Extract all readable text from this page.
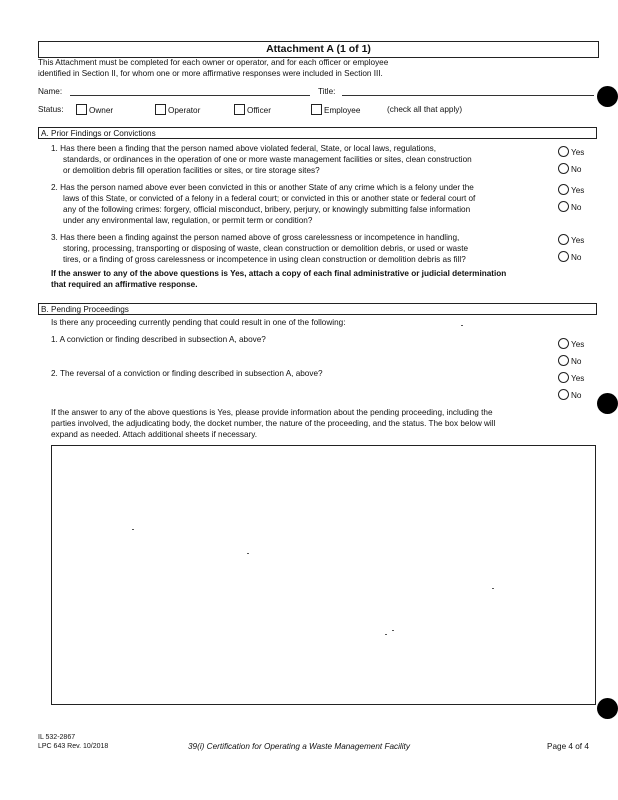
Attachment A (1 of 1)
This Attachment must be completed for each owner or operator, and for each officer or employee
identified in Section II, for whom one or more affirmative responses were included in Section III.
Name:	Title:
Status:	Owner	Operator	Officer	Employee	(check all that apply)
A. Prior Findings or Convictions
1. Has there been a finding that the person named above violated federal, State, or local laws, regulations,
standards, or ordinances in the operation of one or more waste management facilities or sites, clean construction
or demolition debris fill operation facilities or sites, or tire storage sites?
Yes
No
2. Has the person named above ever been convicted in this or another State of any crime which is a felony under the
laws of this State, or convicted of a felony in a federal court; or convicted in this or another state or federal court of
any of the following crimes: forgery, official misconduct, bribery, perjury, or knowingly submitting false information
under any environmental law, regulation, or permit term or condition?
Yes
No
3. Has there been a finding against the person named above of gross carelessness or incompetence in handling,
storing, processing, transporting or disposing of waste, clean construction or demolition debris, or used or waste
tires, or a finding of gross carelessness or incompetence in using clean construction or demolition debris as fill?
Yes
No
If the answer to any of the above questions is Yes, attach a copy of each final administrative or judicial determination
that required an affirmative response.
B. Pending Proceedings
Is there any proceeding currently pending that could result in one of the following:
1. A conviction or finding described in subsection A, above?
Yes
No
2. The reversal of a conviction or finding described in subsection A, above?
Yes
No
If the answer to any of the above questions is Yes, please provide information about the pending proceeding, including the
parties involved, the adjudicating body, the docket number, the nature of the proceeding, and the status. The box below will
expand as needed. Attach additional sheets if necessary.
IL 532-2867
LPC 643 Rev. 10/2018	39(i) Certification for Operating a Waste Management Facility	Page 4 of 4
